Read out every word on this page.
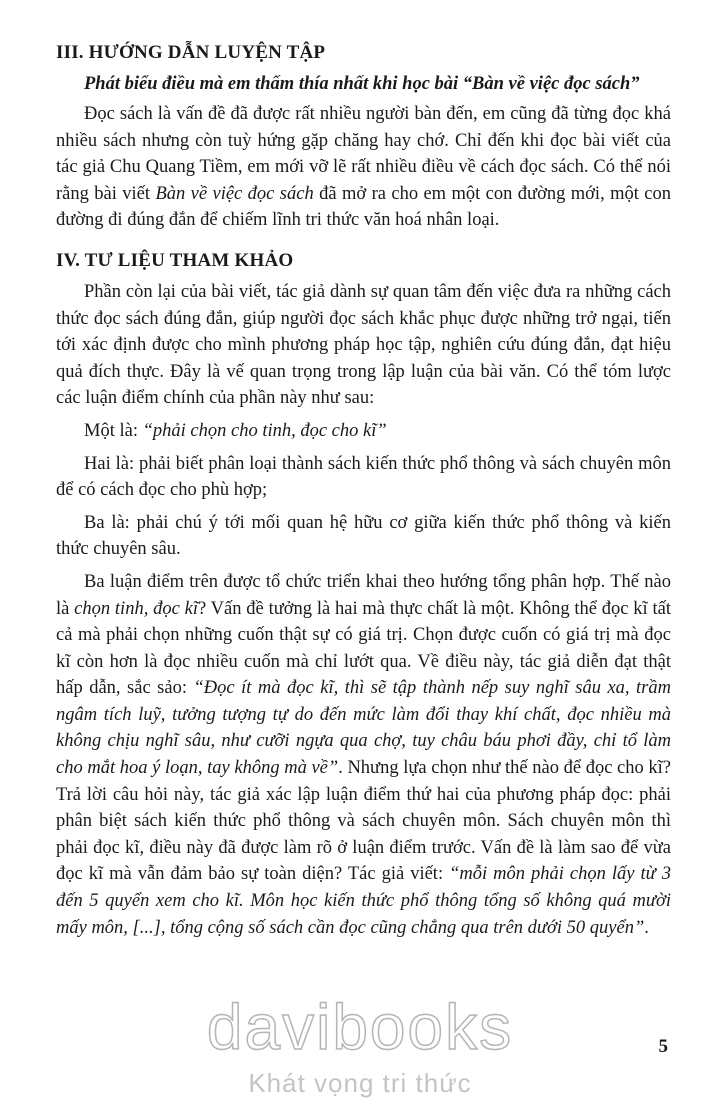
III. HƯỚNG DẪN LUYỆN TẬP
Phát biểu điều mà em thấm thía nhất khi học bài “Bàn về việc đọc sách”

Đọc sách là vấn đề đã được rất nhiều người bàn đến, em cũng đã từng đọc khá nhiều sách nhưng còn tuỳ hứng gặp chăng hay chớ. Chỉ đến khi đọc bài viết của tác giả Chu Quang Tiềm, em mới vỡ lẽ rất nhiều điều về cách đọc sách. Có thể nói rằng bài viết Bàn về việc đọc sách đã mở ra cho em một con đường mới, một con đường đi đúng đắn để chiếm lĩnh tri thức văn hoá nhân loại.

IV. TƯ LIỆU THAM KHẢO

Phần còn lại của bài viết, tác giả dành sự quan tâm đến việc đưa ra những cách thức đọc sách đúng đắn, giúp người đọc sách khắc phục được những trở ngại, tiến tới xác định được cho mình phương pháp học tập, nghiên cứu đúng đắn, đạt hiệu quả đích thực. Đây là vế quan trọng trong lập luận của bài văn. Có thể tóm lược các luận điểm chính của phần này như sau:

Một là: “phải chọn cho tinh, đọc cho kĩ”

Hai là: phải biết phân loại thành sách kiến thức phổ thông và sách chuyên môn để có cách đọc cho phù hợp;

Ba là: phải chú ý tới mối quan hệ hữu cơ giữa kiến thức phổ thông và kiến thức chuyên sâu.

Ba luận điểm trên được tổ chức triển khai theo hướng tổng phân hợp. Thế nào là chọn tinh, đọc kĩ? Vấn đề tưởng là hai mà thực chất là một. Không thể đọc kĩ tất cả mà phải chọn những cuốn thật sự có giá trị. Chọn được cuốn có giá trị mà đọc kĩ còn hơn là đọc nhiều cuốn mà chỉ lướt qua. Về điều này, tác giả diễn đạt thật hấp dẫn, sắc sảo: “Đọc ít mà đọc kĩ, thì sẽ tập thành nếp suy nghĩ sâu xa, trầm ngâm tích luỹ, tưởng tượng tự do đến mức làm đổi thay khí chất, đọc nhiều mà không chịu nghĩ sâu, như cưỡi ngựa qua chợ, tuy châu báu phơi đầy, chỉ tổ làm cho mắt hoa ý loạn, tay không mà về”. Nhưng lựa chọn như thế nào để đọc cho kĩ? Trả lời câu hỏi này, tác giả xác lập luận điểm thứ hai của phương pháp đọc: phải phân biệt sách kiến thức phổ thông và sách chuyên môn. Sách chuyên môn thì phải đọc kĩ, điều này đã được làm rõ ở luận điểm trước. Vấn đề là làm sao để vừa đọc kĩ mà vẫn đảm bảo sự toàn diện? Tác giả viết: “mỗi môn phải chọn lấy từ 3 đến 5 quyển xem cho kĩ. Môn học kiến thức phổ thông tổng số không quá mười mấy môn, [...], tổng cộng số sách cần đọc cũng chẳng qua trên dưới 50 quyển”.

davibooks
Khát vọng tri thức
5
